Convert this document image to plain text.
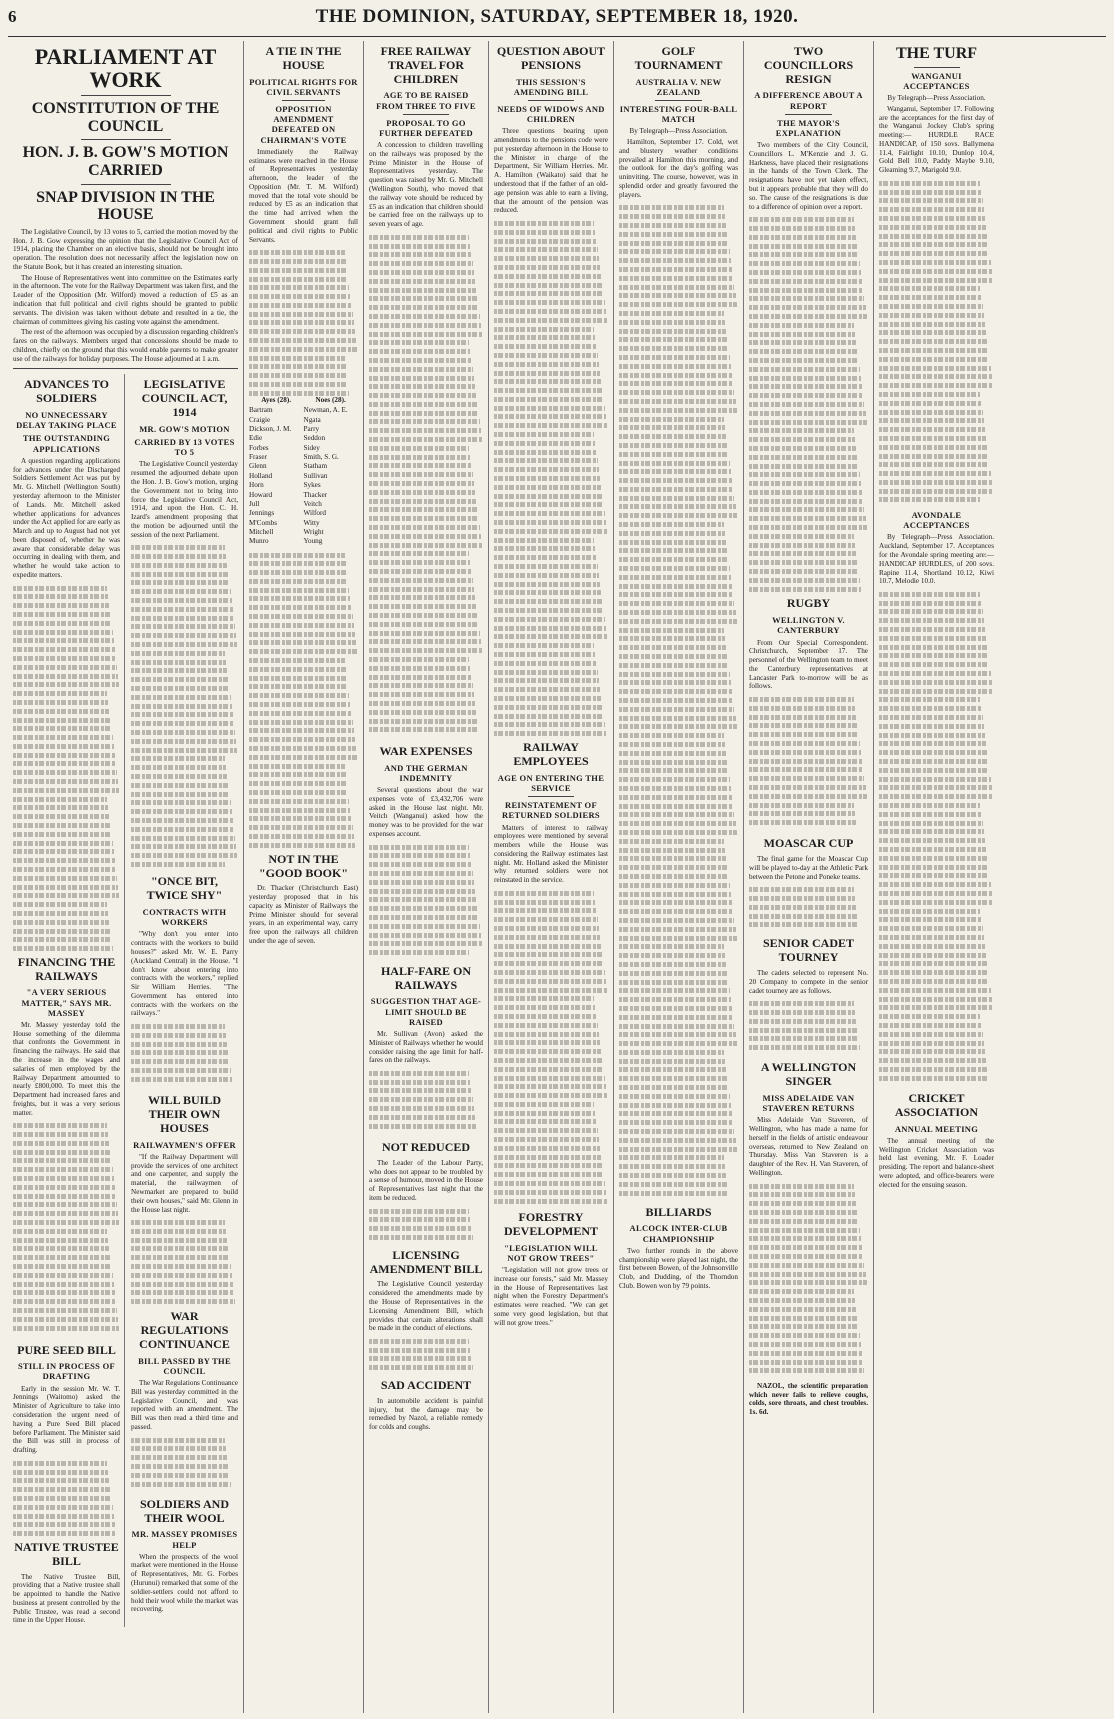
6	THE DOMINION, SATURDAY, SEPTEMBER 18, 1920.
PARLIAMENT AT WORK
CONSTITUTION OF THE COUNCIL
HON. J. B. GOW'S MOTION CARRIED
SNAP DIVISION IN THE HOUSE

The Legislative Council, by 13 votes to 5, carried the motion moved by the Hon. J. B. Gow expressing the opinion that the Legislative Council Act of 1914, placing the Chamber on an elective basis, should not be brought into operation. The resolution does not necessarily affect the legislation now on the Statute Book, but it has created an interesting situation.

The House of Representatives went into committee on the Estimates early in the afternoon. The vote for the Railway Department was taken first, and the Leader of the Opposition (Mr. Wilford) moved a reduction of £5 as an indication that full political and civil rights should be granted to public servants. The division was taken without debate and resulted in a tie, the chairman of committees giving his casting vote against the amendment.

The rest of the afternoon was occupied by a discussion regarding children's fares on the railways. Members urged that concessions should be made to children, chiefly on the ground that this would enable parents to make greater use of the railways for holiday purposes. The House adjourned at 1 a.m.

ADVANCES TO SOLDIERS
NO UNNECESSARY DELAY TAKING PLACE
THE OUTSTANDING APPLICATIONS

A question regarding applications for advances under the Discharged Soldiers Settlement Act was put by Mr. G. Mitchell (Wellington South) yesterday afternoon to the Minister of Lands. Mr. Mitchell asked whether applications for advances under the Act applied for are early as March and up to August had not yet been disposed of, whether he was aware that considerable delay was occurring in dealing with them, and whether he would take action to expedite matters.

FINANCING THE RAILWAYS
"A VERY SERIOUS MATTER," SAYS MR. MASSEY

Mr. Massey yesterday told the House something of the dilemma that confronts the Government in financing the railways. He said that the increase in the wages and salaries of men employed by the Railway Department amounted to nearly £800,000. To meet this the Department had increased fares and freights, but it was a very serious matter.

PURE SEED BILL
STILL IN PROCESS OF DRAFTING

Early in the session Mr. W. T. Jennings (Waitomo) asked the Minister of Agriculture to take into consideration the urgent need of having a Pure Seed Bill placed before Parliament. The Minister said the Bill was still in process of drafting.

NATIVE TRUSTEE BILL

The Native Trustee Bill, providing that a Native trustee shall be appointed to handle the Native business at present controlled by the Public Trustee, was read a second time in the Upper House.

LEGISLATIVE COUNCIL ACT, 1914
MR. GOW'S MOTION
CARRIED BY 13 VOTES TO 5

The Legislative Council yesterday resumed the adjourned debate upon the Hon. J. B. Gow's motion, urging the Government not to bring into force the Legislative Council Act, 1914, and upon the Hon. C. H. Izard's amendment proposing that the motion be adjourned until the session of the next Parliament.

"ONCE BIT, TWICE SHY"
CONTRACTS WITH WORKERS

"Why don't you enter into contracts with the workers to build houses?" asked Mr. W. E. Parry (Auckland Central) in the House. "I don't know about entering into contracts with the workers," replied Sir William Herries. "The Government has entered into contracts with the workers on the railways."

WILL BUILD THEIR OWN HOUSES
RAILWAYMEN'S OFFER

"If the Railway Department will provide the services of one architect and one carpenter, and supply the material, the railwaymen of Newmarket are prepared to build their own houses," said Mr. Glenn in the House last night.

WAR REGULATIONS CONTINUANCE
BILL PASSED BY THE COUNCIL

The War Regulations Continuance Bill was yesterday committed in the Legislative Council, and was reported with an amendment. The Bill was then read a third time and passed.

SOLDIERS AND THEIR WOOL
MR. MASSEY PROMISES HELP

When the prospects of the wool market were mentioned in the House of Representatives, Mr. G. Forbes (Hurunui) remarked that some of the soldier-settlers could not afford to hold their wool while the market was recovering.

A TIE IN THE HOUSE
POLITICAL RIGHTS FOR CIVIL SERVANTS
OPPOSITION AMENDMENT DEFEATED ON CHAIRMAN'S VOTE

Immediately the Railway estimates were reached in the House of Representatives yesterday afternoon, the leader of the Opposition (Mr. T. M. Wilford) moved that the total vote should be reduced by £5 as an indication that the time had arrived when the Government should grant full political and civil rights to Public Servants.

Ayes (28).	Noes (28).
Bartram
Craigie
Dickson, J. M.
Edie
Forbes
Fraser
Glenn
Holland
Horn
Howard
Jull
Jennings
M'Combs
Mitchell
Munro
Newman, A. E.
Ngata
Parry
Seddon
Sidey
Smith, S. G.
Statham
Sullivan
Sykes
Thacker
Veitch
Wilford
Witty
Wright
Young
NOT IN THE "GOOD BOOK"

Dr. Thacker (Christchurch East) yesterday proposed that in his capacity as Minister of Railways the Prime Minister should for several years, in an experimental way, carry free upon the railways all children under the age of seven.

FREE RAILWAY TRAVEL FOR CHILDREN
AGE TO BE RAISED FROM THREE TO FIVE
PROPOSAL TO GO FURTHER DEFEATED

A concession to children travelling on the railways was proposed by the Prime Minister in the House of Representatives yesterday. The question was raised by Mr. G. Mitchell (Wellington South), who moved that the railway vote should be reduced by £5 as an indication that children should be carried free on the railways up to seven years of age.

WAR EXPENSES
AND THE GERMAN INDEMNITY

Several questions about the war expenses vote of £3,432,706 were asked in the House last night. Mr. Veitch (Wanganui) asked how the money was to be provided for the war expenses account.

HALF-FARE ON RAILWAYS
SUGGESTION THAT AGE-LIMIT SHOULD BE RAISED

Mr. Sullivan (Avon) asked the Minister of Railways whether he would consider raising the age limit for half-fares on the railways.

NOT REDUCED

The Leader of the Labour Party, who does not appear to be troubled by a sense of humour, moved in the House of Representatives last night that the item be reduced.

LICENSING AMENDMENT BILL

The Legislative Council yesterday considered the amendments made by the House of Representatives in the Licensing Amendment Bill, which provides that certain alterations shall be made in the conduct of elections.

SAD ACCIDENT

In automobile accident is painful injury, but the damage may be remedied by Nazol, a reliable remedy for colds and coughs.

QUESTION ABOUT PENSIONS
THIS SESSION'S AMENDING BILL
NEEDS OF WIDOWS AND CHILDREN

Three questions bearing upon amendments to the pensions code were put yesterday afternoon in the House to the Minister in charge of the Department, Sir William Herries. Mr. A. Hamilton (Waikato) said that he understood that if the father of an old-age pension was able to earn a living, that the amount of the pension was reduced.

RAILWAY EMPLOYEES
AGE ON ENTERING THE SERVICE
REINSTATEMENT OF RETURNED SOLDIERS

Matters of interest to railway employees were mentioned by several members while the House was considering the Railway estimates last night. Mr. Holland asked the Minister why returned soldiers were not reinstated in the service.

FORESTRY DEVELOPMENT
"LEGISLATION WILL NOT GROW TREES"

"Legislation will not grow trees or increase our forests," said Mr. Massey in the House of Representatives last night when the Forestry Department's estimates were reached. "We can get some very good legislation, but that will not grow trees."

GOLF TOURNAMENT
AUSTRALIA V. NEW ZEALAND
INTERESTING FOUR-BALL MATCH

By Telegraph—Press Association.

Hamilton, September 17. Cold, wet and blustery weather conditions prevailed at Hamilton this morning, and the outlook for the day's golfing was uninviting. The course, however, was in splendid order and greatly favoured the players.

BILLIARDS
ALCOCK INTER-CLUB CHAMPIONSHIP

Two further rounds in the above championship were played last night, the first between Bowen, of the Johnsonville Club, and Dudding, of the Thorndon Club. Bowen won by 79 points.

TWO COUNCILLORS RESIGN
A DIFFERENCE ABOUT A REPORT
THE MAYOR'S EXPLANATION

Two members of the City Council, Councillors L. M'Kenzie and J. G. Harkness, have placed their resignations in the hands of the Town Clerk. The resignations have not yet taken effect, but it appears probable that they will do so. The cause of the resignations is due to a difference of opinion over a report.

RUGBY
WELLINGTON V. CANTERBURY

From Our Special Correspondent. Christchurch, September 17. The personnel of the Wellington team to meet the Canterbury representatives at Lancaster Park to-morrow will be as follows.

MOASCAR CUP

The final game for the Moascar Cup will be played to-day at the Athletic Park between the Petone and Poneke teams.

SENIOR CADET TOURNEY

The cadets selected to represent No. 20 Company to compete in the senior cadet tourney are as follows.

A WELLINGTON SINGER
MISS ADELAIDE VAN STAVEREN RETURNS

Miss Adelaide Van Staveren, of Wellington, who has made a name for herself in the fields of artistic endeavour overseas, returned to New Zealand on Thursday. Miss Van Staveren is a daughter of the Rev. H. Van Staveren, of Wellington.

NAZOL, the scientific preparation which never fails to relieve coughs, colds, sore throats, and chest troubles. 1s. 6d.

THE TURF
WANGANUI ACCEPTANCES

By Telegraph—Press Association.

Wanganui, September 17. Following are the acceptances for the first day of the Wanganui Jockey Club's spring meeting:— HURDLE RACE HANDICAP, of 150 sovs. Ballymena 11.4, Fairlight 10.10, Dunlop 10.4, Gold Bell 10.0, Paddy Maybe 9.10, Gleaming 9.7, Marigold 9.0.

AVONDALE ACCEPTANCES

By Telegraph—Press Association. Auckland, September 17. Acceptances for the Avondale spring meeting are:— HANDICAP HURDLES, of 200 sovs. Rapine 11.4, Shortland 10.12, Kiwi 10.7, Melodie 10.0.

CRICKET ASSOCIATION
ANNUAL MEETING

The annual meeting of the Wellington Cricket Association was held last evening, Mr. F. Loader presiding. The report and balance-sheet were adopted, and office-bearers were elected for the ensuing season.
